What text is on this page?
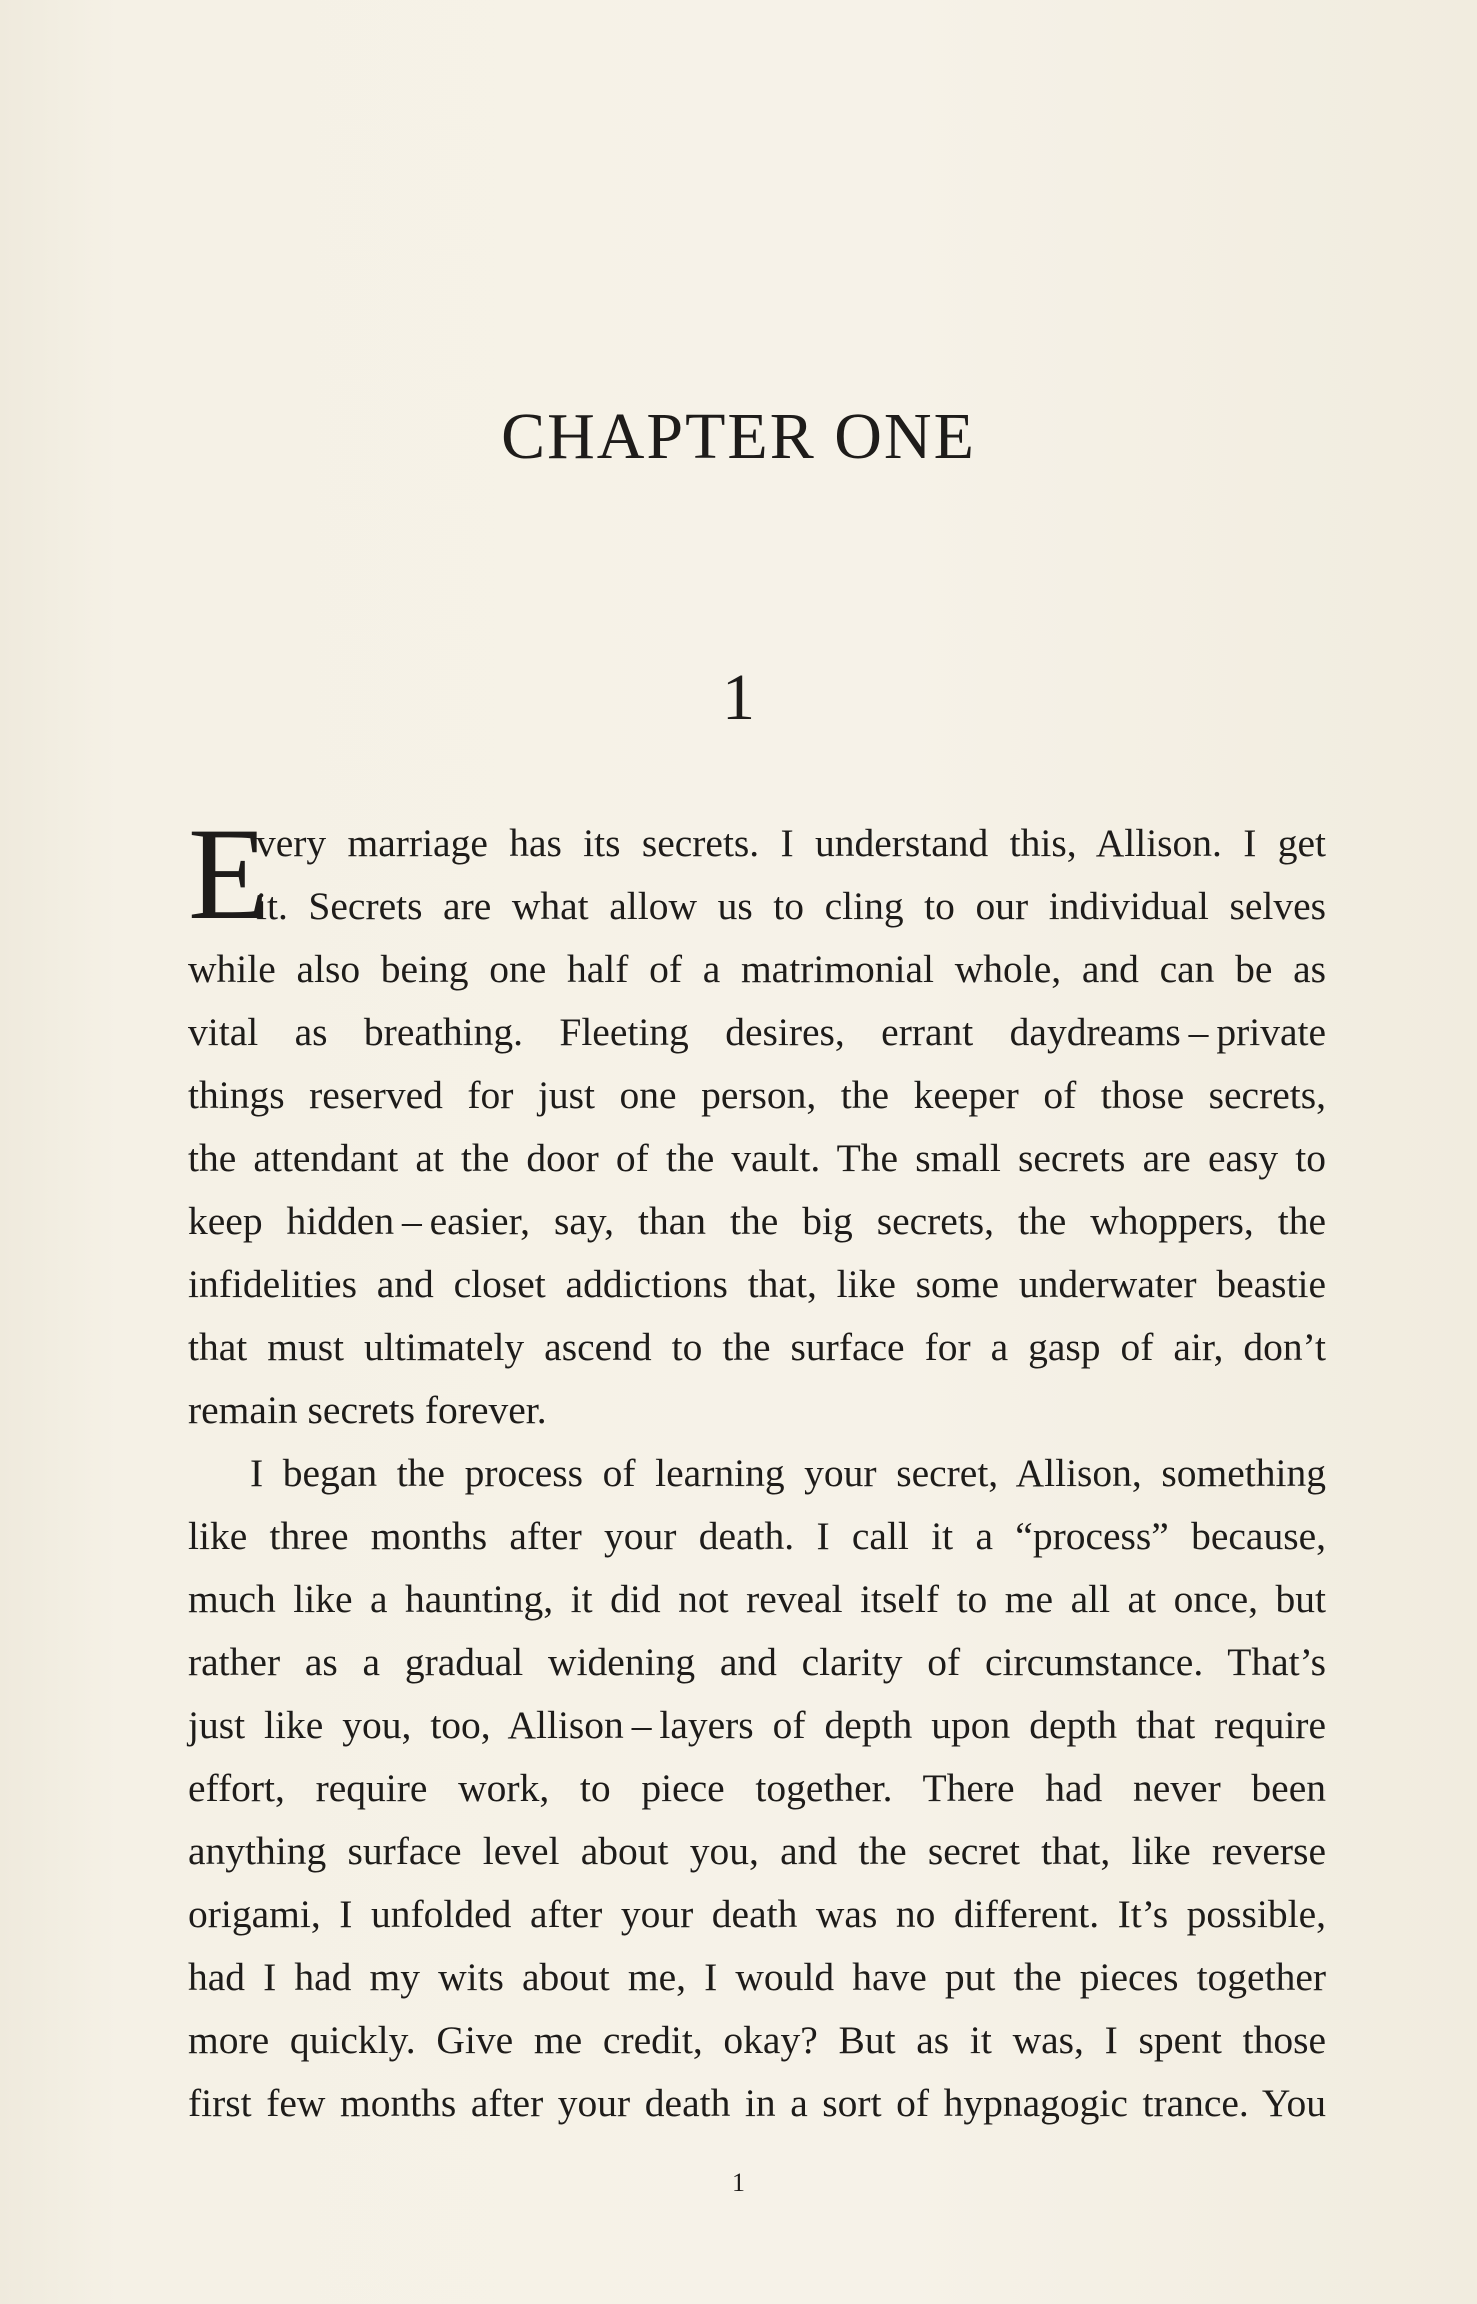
CHAPTER ONE
1
E
very marriage has its secrets. I understand this, Allison. I get
it. Secrets are what allow us to cling to our individual selves
while also being one half of a matrimonial whole, and can be as
vital as breathing. Fleeting desires, errant daydreams – private
things reserved for just one person, the keeper of those secrets,
the attendant at the door of the vault. The small secrets are easy to
keep hidden – easier, say, than the big secrets, the whoppers, the
infidelities and closet addictions that, like some underwater beastie
that must ultimately ascend to the surface for a gasp of air, don’t
remain secrets forever.
I began the process of learning your secret, Allison, something
like three months after your death. I call it a “process” because,
much like a haunting, it did not reveal itself to me all at once, but
rather as a gradual widening and clarity of circumstance. That’s
just like you, too, Allison – layers of depth upon depth that require
effort, require work, to piece together. There had never been
anything surface level about you, and the secret that, like reverse
origami, I unfolded after your death was no different. It’s possible,
had I had my wits about me, I would have put the pieces together
more quickly. Give me credit, okay? But as it was, I spent those
first few months after your death in a sort of hypnagogic trance. You
1
